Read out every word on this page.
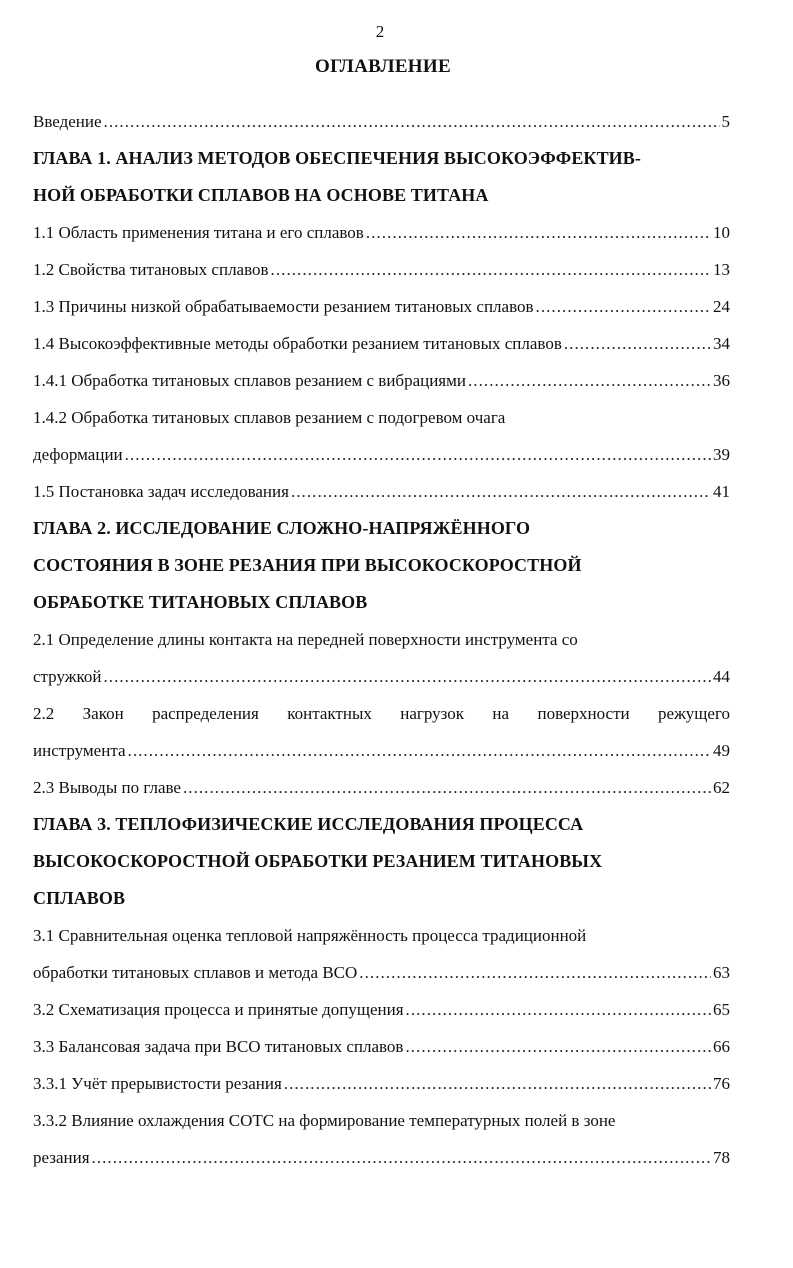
2
ОГЛАВЛЕНИЕ
Введение . . .	5
ГЛАВА 1. АНАЛИЗ МЕТОДОВ ОБЕСПЕЧЕНИЯ ВЫСОКОЭФФЕКТИВ-
НОЙ ОБРАБОТКИ СПЛАВОВ НА ОСНОВЕ ТИТАНА
1.1 Область применения титана и его сплавов . . .	10
1.2 Свойства титановых сплавов . . .	13
1.3 Причины низкой обрабатываемости резанием титановых сплавов . . .	24
1.4 Высокоэффективные методы обработки резанием титановых сплавов . . .	34
1.4.1 Обработка титановых сплавов резанием с вибрациями . . .	36
1.4.2 Обработка титановых сплавов резанием с подогревом очага
деформации . . .	39
1.5 Постановка задач исследования . . .	41
ГЛАВА 2. ИССЛЕДОВАНИЕ СЛОЖНО-НАПРЯЖЁННОГО
СОСТОЯНИЯ В ЗОНЕ РЕЗАНИЯ ПРИ ВЫСОКОСКОРОСТНОЙ
ОБРАБОТКЕ ТИТАНОВЫХ СПЛАВОВ
2.1 Определение длины контакта на передней поверхности инструмента со
стружкой . . .	44
2.2 Закон распределения контактных нагрузок на поверхности режущего
инструмента . . .	49
2.3 Выводы по главе . . .	62
ГЛАВА 3. ТЕПЛОФИЗИЧЕСКИЕ ИССЛЕДОВАНИЯ ПРОЦЕССА
ВЫСОКОСКОРОСТНОЙ ОБРАБОТКИ РЕЗАНИЕМ ТИТАНОВЫХ
СПЛАВОВ
3.1 Сравнительная оценка тепловой напряжённость процесса традиционной
обработки титановых сплавов и метода ВСО . . .	63
3.2 Схематизация процесса и принятые допущения . . .	65
3.3 Балансовая задача при ВСО титановых сплавов . . .	66
3.3.1 Учёт прерывистости резания . . .	76
3.3.2 Влияние охлаждения СОТС на формирование температурных полей в зоне
резания . . .	78
